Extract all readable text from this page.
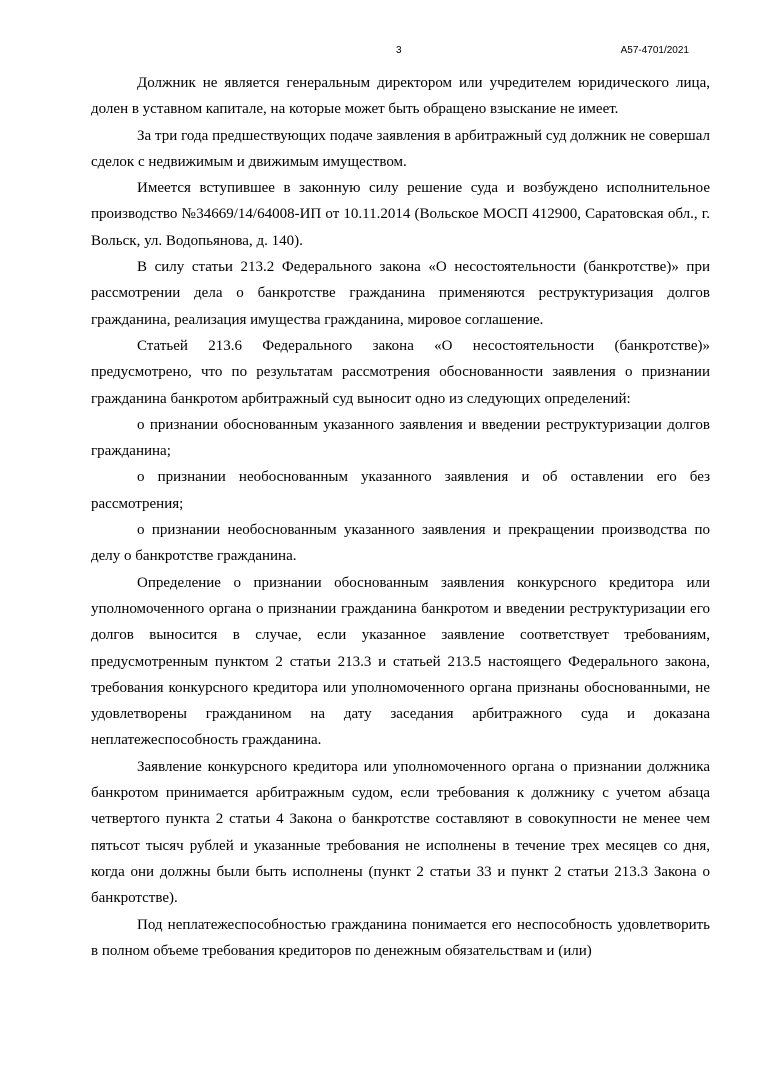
3	А57-4701/2021

Должник не является генеральным директором или учредителем юридического лица, долен в уставном капитале, на которые может быть обращено взыскание не имеет.

За три года предшествующих подаче заявления в арбитражный суд должник не совершал сделок с недвижимым и движимым имуществом.

Имеется вступившее в законную силу решение суда и возбуждено исполнительное производство №34669/14/64008-ИП от 10.11.2014 (Вольское МОСП 412900, Саратовская обл., г. Вольск, ул. Водопьянова, д. 140).

В силу статьи 213.2 Федерального закона «О несостоятельности (банкротстве)» при рассмотрении дела о банкротстве гражданина применяются реструктуризация долгов гражданина, реализация имущества гражданина, мировое соглашение.

Статьей 213.6 Федерального закона «О несостоятельности (банкротстве)» предусмотрено, что по результатам рассмотрения обоснованности заявления о признании гражданина банкротом арбитражный суд выносит одно из следующих определений:

о признании обоснованным указанного заявления и введении реструктуризации долгов гражданина;

о признании необоснованным указанного заявления и об оставлении его без рассмотрения;

о признании необоснованным указанного заявления и прекращении производства по делу о банкротстве гражданина.

Определение о признании обоснованным заявления конкурсного кредитора или уполномоченного органа о признании гражданина банкротом и введении реструктуризации его долгов выносится в случае, если указанное заявление соответствует требованиям, предусмотренным пунктом 2 статьи 213.3 и статьей 213.5 настоящего Федерального закона, требования конкурсного кредитора или уполномоченного органа признаны обоснованными, не удовлетворены гражданином на дату заседания арбитражного суда и доказана неплатежеспособность гражданина.

Заявление конкурсного кредитора или уполномоченного органа о признании должника банкротом принимается арбитражным судом, если требования к должнику с учетом абзаца четвертого пункта 2 статьи 4 Закона о банкротстве составляют в совокупности не менее чем пятьсот тысяч рублей и указанные требования не исполнены в течение трех месяцев со дня, когда они должны были быть исполнены (пункт 2 статьи 33 и пункт 2 статьи 213.3 Закона о банкротстве).

Под неплатежеспособностью гражданина понимается его неспособность удовлетворить в полном объеме требования кредиторов по денежным обязательствам и (или)
